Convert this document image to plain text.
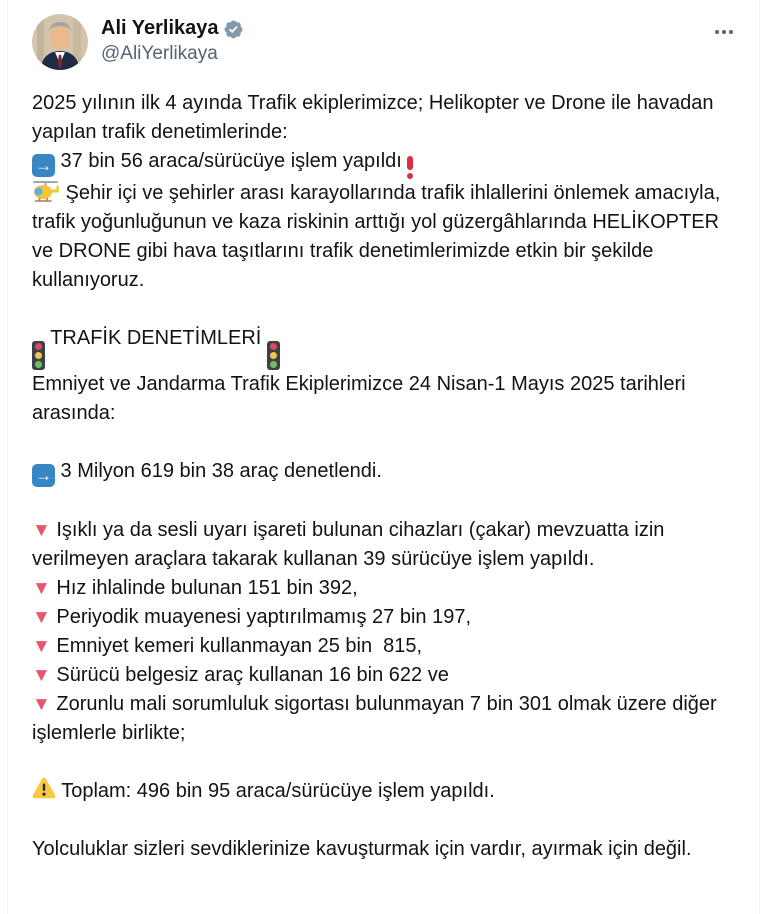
Ali Yerlikaya
@AliYerlikaya
2025 yılının ilk 4 ayında Trafik ekiplerimizce; Helikopter ve Drone ile havadan yapılan trafik denetimlerinde:
→ 37 bin 56 araca/sürücüye işlem yapıldı
Şehir içi ve şehirler arası karayollarında trafik ihlallerini önlemek amacıyla, trafik yoğunluğunun ve kaza riskinin arttığı yol güzergâhlarında HELİKOPTER ve DRONE gibi hava taşıtlarını trafik denetimlerimizde etkin bir şekilde kullanıyoruz.
TRAFİK DENETİMLERİ
Emniyet ve Jandarma Trafik Ekiplerimizce 24 Nisan-1 Mayıs 2025 tarihleri arasında:
→ 3 Milyon 619 bin 38 araç denetlendi.
▼ Işıklı ya da sesli uyarı işareti bulunan cihazları (çakar) mevzuatta izin verilmeyen araçlara takarak kullanan 39 sürücüye işlem yapıldı.
▼ Hız ihlalinde bulunan 151 bin 392,
▼ Periyodik muayenesi yaptırılmamış 27 bin 197,
▼ Emniyet kemeri kullanmayan 25 bin  815,
▼ Sürücü belgesiz araç kullanan 16 bin 622 ve
▼ Zorunlu mali sorumluluk sigortası bulunmayan 7 bin 301 olmak üzere diğer işlemlerle birlikte;
Toplam: 496 bin 95 araca/sürücüye işlem yapıldı.
Yolculuklar sizleri sevdiklerinize kavuşturmak için vardır, ayırmak için değil.
